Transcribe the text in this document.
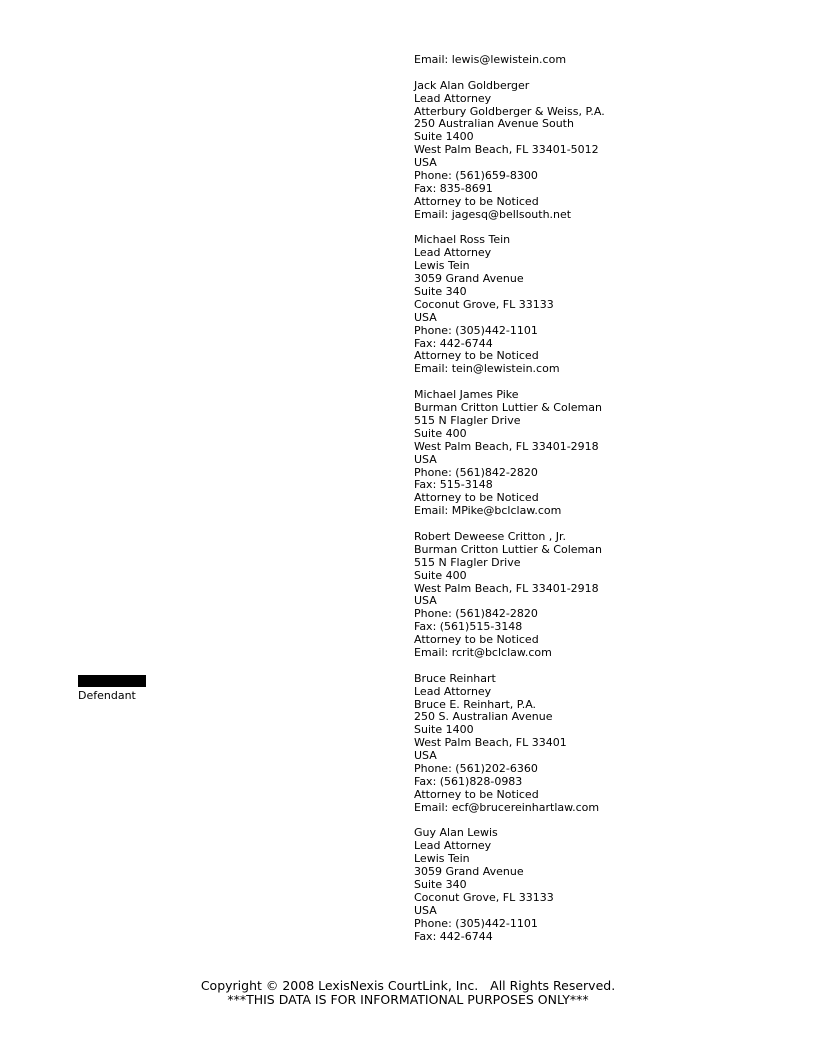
Email: lewis@lewistein.com
Jack Alan Goldberger
Lead Attorney
Atterbury Goldberger & Weiss, P.A.
250 Australian Avenue South
Suite 1400
West Palm Beach, FL 33401-5012
USA
Phone: (561)659-8300
Fax: 835-8691
Attorney to be Noticed
Email: jagesq@bellsouth.net
Michael Ross Tein
Lead Attorney
Lewis Tein
3059 Grand Avenue
Suite 340
Coconut Grove, FL 33133
USA
Phone: (305)442-1101
Fax: 442-6744
Attorney to be Noticed
Email: tein@lewistein.com
Michael James Pike
Burman Critton Luttier & Coleman
515 N Flagler Drive
Suite 400
West Palm Beach, FL 33401-2918
USA
Phone: (561)842-2820
Fax: 515-3148
Attorney to be Noticed
Email: MPike@bclclaw.com
Robert Deweese Critton , Jr.
Burman Critton Luttier & Coleman
515 N Flagler Drive
Suite 400
West Palm Beach, FL 33401-2918
USA
Phone: (561)842-2820
Fax: (561)515-3148
Attorney to be Noticed
Email: rcrit@bclclaw.com
Bruce Reinhart
Lead Attorney
Bruce E. Reinhart, P.A.
250 S. Australian Avenue
Suite 1400
West Palm Beach, FL 33401
USA
Phone: (561)202-6360
Fax: (561)828-0983
Attorney to be Noticed
Email: ecf@brucereinhartlaw.com
Guy Alan Lewis
Lead Attorney
Lewis Tein
3059 Grand Avenue
Suite 340
Coconut Grove, FL 33133
USA
Phone: (305)442-1101
Fax: 442-6744
Defendant
Copyright © 2008 LexisNexis CourtLink, Inc.   All Rights Reserved.
***THIS DATA IS FOR INFORMATIONAL PURPOSES ONLY***
